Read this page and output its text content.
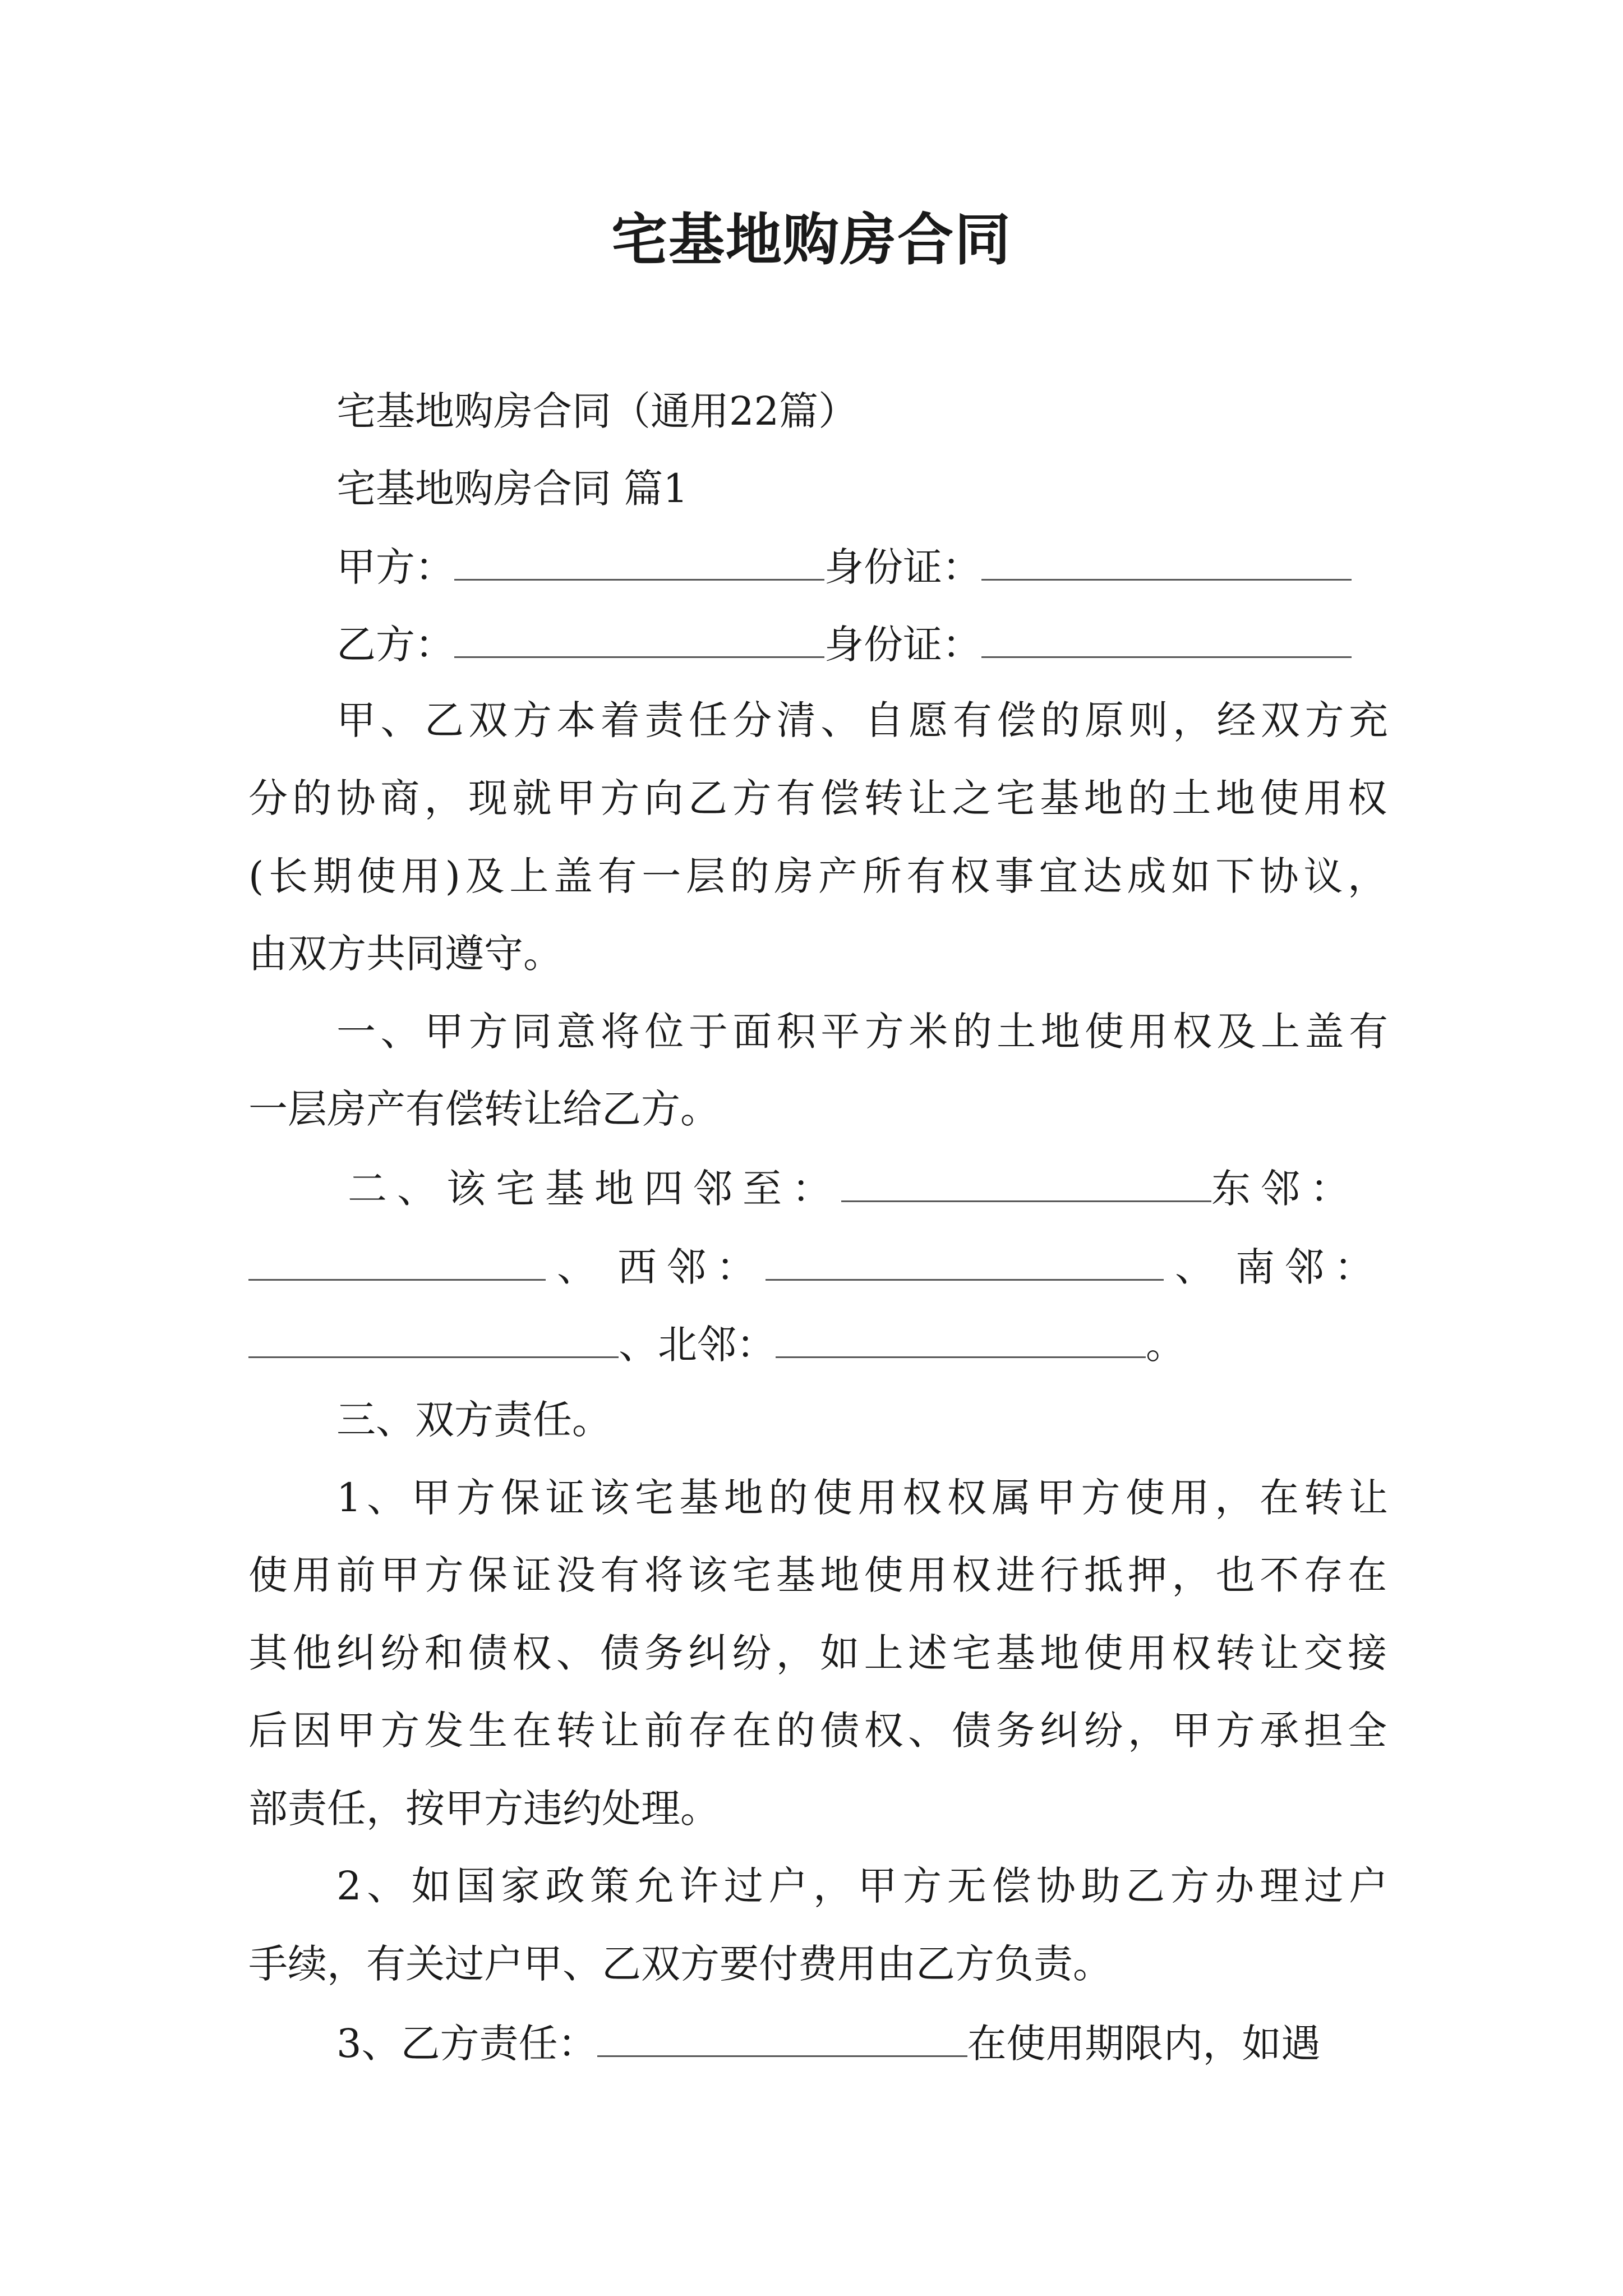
宅基地购房合同
宅基地购房合同（通用22篇）
宅基地购房合同 篇1
甲方：	身份证：
乙方：	身份证：
甲、乙双方本着责任分清、自愿有偿的原则，经双方充
分的协商，现就甲方向乙方有偿转让之宅基地的土地使用权
(长期使用)及上盖有一层的房产所有权事宜达成如下协议，
由双方共同遵守。
一、甲方同意将位于面积平方米的土地使用权及上盖有
一层房产有偿转让给乙方。
二、该宅基地四邻至：	东邻：
、 西邻：	、 南邻：
、北邻：	。
三、双方责任。
1、甲方保证该宅基地的使用权权属甲方使用，在转让
使用前甲方保证没有将该宅基地使用权进行抵押，也不存在
其他纠纷和债权、债务纠纷，如上述宅基地使用权转让交接
后因甲方发生在转让前存在的债权、债务纠纷，甲方承担全
部责任，按甲方违约处理。
2、如国家政策允许过户，甲方无偿协助乙方办理过户
手续，有关过户甲、乙双方要付费用由乙方负责。
3、乙方责任：	在使用期限内，如遇
